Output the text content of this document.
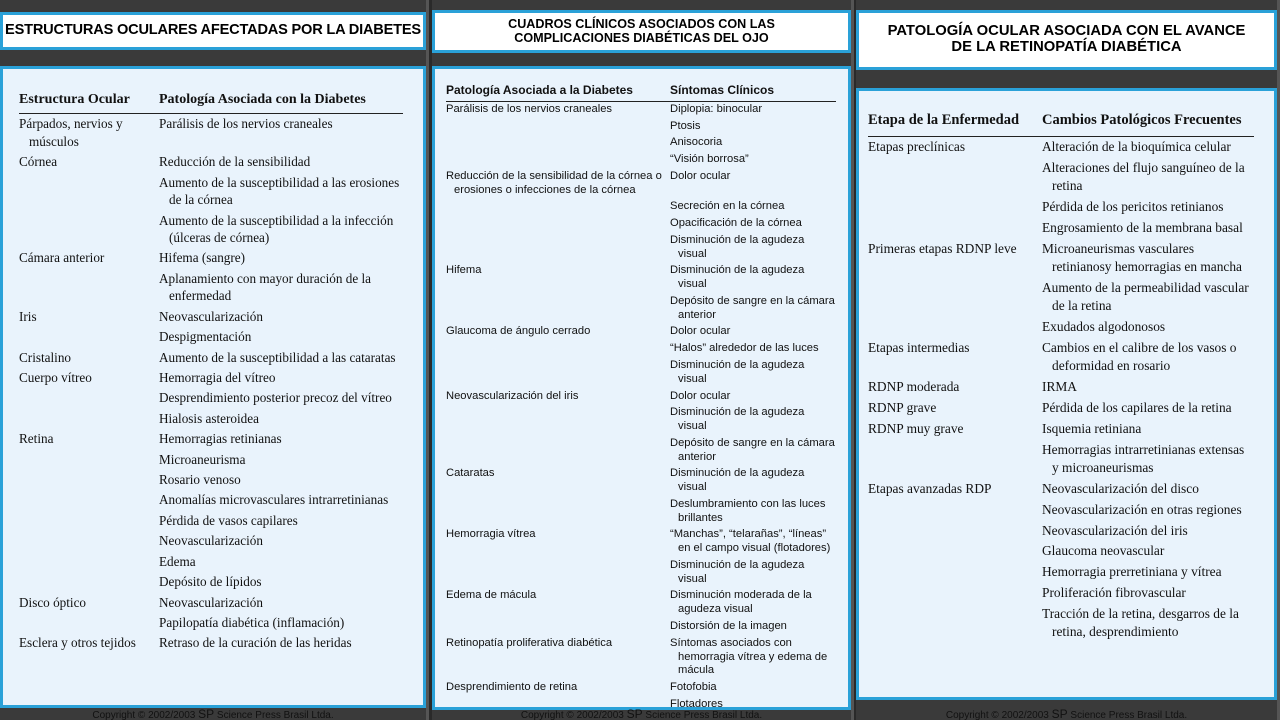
ESTRUCTURAS OCULARES AFECTADAS POR LA DIABETES
Estructura Ocular	Patología Asociada con la Diabetes
Párpados, nervios y músculos	Parálisis de los nervios craneales
Córnea	Reducción de la sensibilidad
	Aumento de la susceptibilidad a las erosiones de la córnea
	Aumento de la susceptibilidad a la infección (úlceras de córnea)
Cámara anterior	Hifema (sangre)
	Aplanamiento con mayor duración de la enfermedad
Iris	Neovascularización
	Despigmentación
Cristalino	Aumento de la susceptibilidad a las cataratas
Cuerpo vítreo	Hemorragia del vítreo
	Desprendimiento posterior precoz del vítreo
	Hialosis asteroidea
Retina	Hemorragias retinianas
	Microaneurisma
	Rosario venoso
	Anomalías microvasculares intrarretinianas
	Pérdida de vasos capilares
	Neovascularización
	Edema
	Depósito de lípidos
Disco óptico	Neovascularización
	Papilopatía diabética (inflamación)
Esclera y otros tejidos	Retraso de la curación de las heridas
Copyright © 2002/2003 SP Science Press Brasil Ltda.
CUADROS CLÍNICOS ASOCIADOS CON LAS
COMPLICACIONES DIABÉTICAS DEL OJO
Patología Asociada a la Diabetes	Síntomas Clínicos
Parálisis de los nervios craneales	Diplopia: binocular
	Ptosis
	Anisocoria
	“Visión borrosa”
Reducción de la sensibilidad de la córnea o erosiones o infecciones de la córnea	Dolor ocular
	Secreción en la córnea
	Opacificación de la córnea
	Disminución de la agudeza visual
Hifema	Disminución de la agudeza visual
	Depósito de sangre en la cámara anterior
Glaucoma de ángulo cerrado	Dolor ocular
	“Halos” alrededor de las luces
	Disminución de la agudeza visual
Neovascularización del iris	Dolor ocular
	Disminución de la agudeza visual
	Depósito de sangre en la cámara anterior
Cataratas	Disminución de la agudeza visual
	Deslumbramiento con las luces brillantes
Hemorragia vítrea	“Manchas”, “telarañas”, “líneas” en el campo visual (flotadores)
	Disminución de la agudeza visual
Edema de mácula	Disminución moderada de la agudeza visual
	Distorsión de la imagen
Retinopatía proliferativa diabética	Síntomas asociados con hemorragia vítrea y edema de mácula
Desprendimiento de retina	Fotofobia
	Flotadores

Copyright © 2002/2003 SP Science Press Brasil Ltda.
PATOLOGÍA OCULAR ASOCIADA CON EL AVANCE
DE LA RETINOPATÍA DIABÉTICA
Etapa de la Enfermedad	Cambios Patológicos Frecuentes
Etapas preclínicas	Alteración de la bioquímica celular
	Alteraciones del flujo sanguíneo de la retina
	Pérdida de los pericitos retinianos
	Engrosamiento de la membrana basal
Primeras etapas RDNP leve	Microaneurismas vasculares retinianosy hemorragias en mancha
	Aumento de la permeabilidad vascular de la retina
	Exudados algodonosos
Etapas intermedias	Cambios en el calibre de los vasos o deformidad en rosario
RDNP moderada	IRMA
RDNP grave	Pérdida de los capilares de la retina
RDNP muy grave	Isquemia retiniana
	Hemorragias intrarretinianas extensas y microaneurismas
Etapas avanzadas RDP	Neovascularización del disco
	Neovascularización en otras regiones
	Neovascularización del iris
	Glaucoma neovascular
	Hemorragia prerretiniana y vítrea
	Proliferación fibrovascular
	Tracción de la retina, desgarros de la retina, desprendimiento
Copyright © 2002/2003 SP Science Press Brasil Ltda.
